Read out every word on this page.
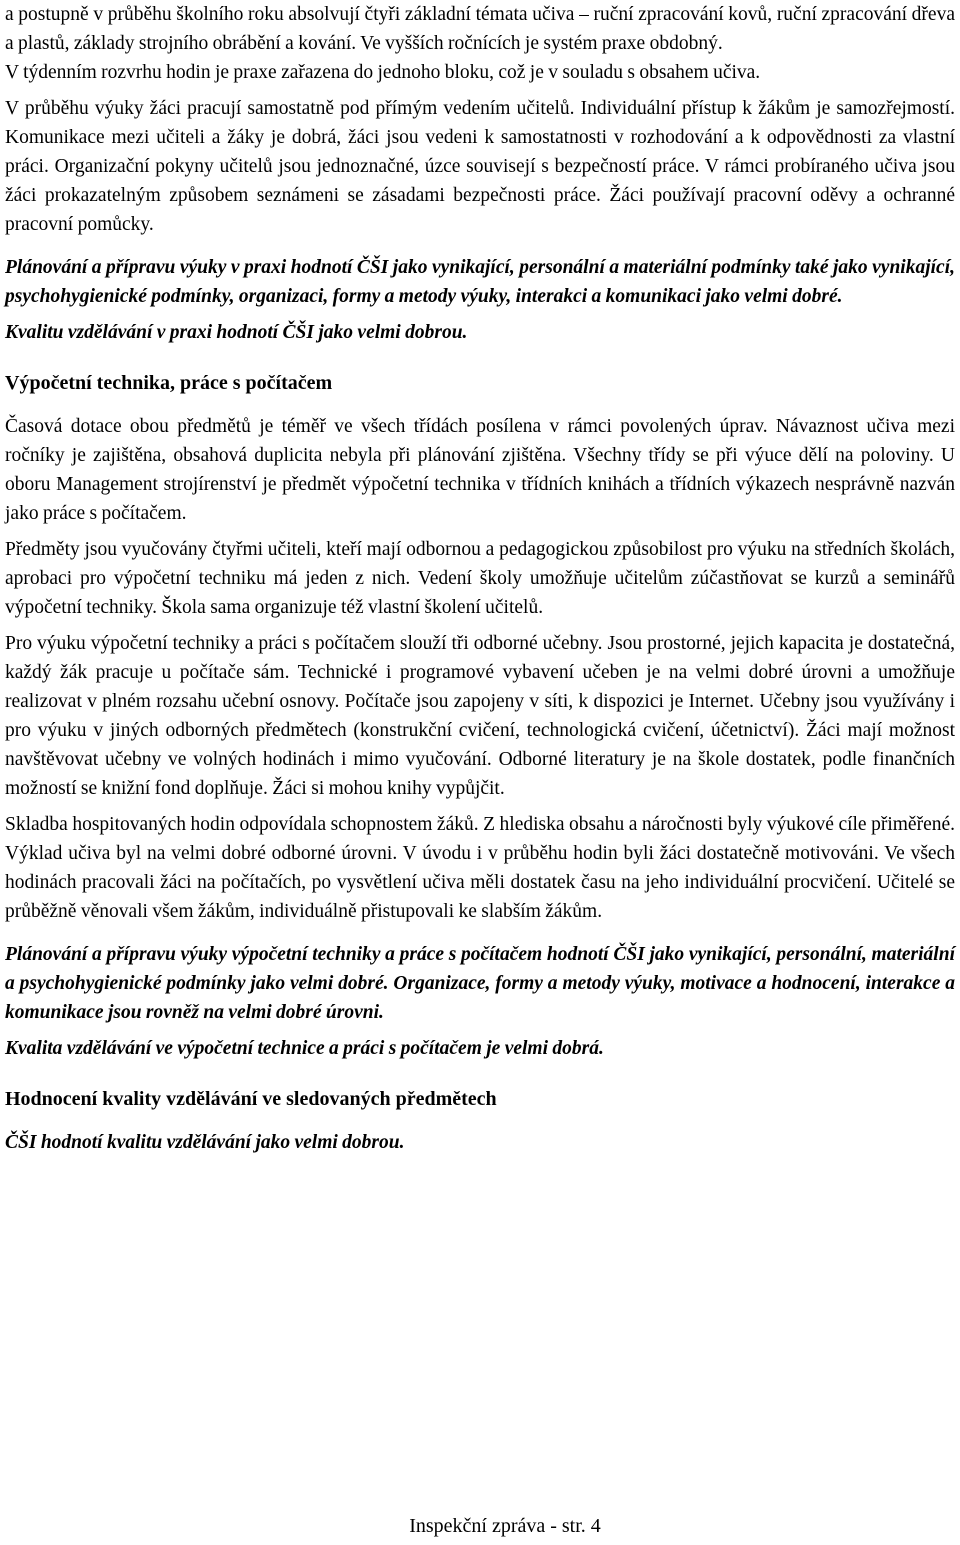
a postupně v průběhu školního roku absolvují čtyři základní témata učiva – ruční zpracování kovů, ruční zpracování dřeva a plastů, základy strojního obrábění a kování. Ve vyšších ročnících je systém praxe obdobný.

V týdenním rozvrhu hodin je praxe zařazena do jednoho bloku, což je v souladu s obsahem učiva.

V průběhu výuky žáci pracují samostatně pod přímým vedením učitelů. Individuální přístup k žákům je samozřejmostí. Komunikace mezi učiteli a žáky je dobrá, žáci jsou vedeni k samostatnosti v rozhodování a k odpovědnosti za vlastní práci. Organizační pokyny učitelů jsou jednoznačné, úzce souvisejí s bezpečností práce. V rámci probíraného učiva jsou žáci prokazatelným způsobem seznámeni se zásadami bezpečnosti práce. Žáci používají pracovní oděvy a ochranné pracovní pomůcky.

Plánování a přípravu výuky v praxi hodnotí ČŠI jako vynikající, personální a materiální podmínky také jako vynikající, psychohygienické podmínky, organizaci, formy a metody výuky, interakci a komunikaci jako velmi dobré.

Kvalitu vzdělávání v praxi hodnotí ČŠI jako velmi dobrou.

Výpočetní technika, práce s počítačem

Časová dotace obou předmětů je téměř ve všech třídách posílena v rámci povolených úprav. Návaznost učiva mezi ročníky je zajištěna, obsahová duplicita nebyla při plánování zjištěna. Všechny třídy se při výuce dělí na poloviny. U oboru Management strojírenství je předmět výpočetní technika v třídních knihách a třídních výkazech nesprávně nazván jako práce s počítačem.

Předměty jsou vyučovány čtyřmi učiteli, kteří mají odbornou a pedagogickou způsobilost pro výuku na středních školách, aprobaci pro výpočetní techniku má jeden z nich. Vedení školy umožňuje učitelům zúčastňovat se kurzů a seminářů výpočetní techniky. Škola sama organizuje též vlastní školení učitelů.

Pro výuku výpočetní techniky a práci s počítačem slouží tři odborné učebny. Jsou prostorné, jejich kapacita je dostatečná, každý žák pracuje u počítače sám. Technické i programové vybavení učeben je na velmi dobré úrovni a umožňuje realizovat v plném rozsahu učební osnovy. Počítače jsou zapojeny v síti, k dispozici je Internet. Učebny jsou využívány i pro výuku v jiných odborných předmětech (konstrukční cvičení, technologická cvičení, účetnictví). Žáci mají možnost navštěvovat učebny ve volných hodinách i mimo vyučování. Odborné literatury je na škole dostatek, podle finančních možností se knižní fond doplňuje. Žáci si mohou knihy vypůjčit.

Skladba hospitovaných hodin odpovídala schopnostem žáků. Z hlediska obsahu a náročnosti byly výukové cíle přiměřené. Výklad učiva byl na velmi dobré odborné úrovni. V úvodu i v průběhu hodin byli žáci dostatečně motivováni. Ve všech hodinách pracovali žáci na počítačích, po vysvětlení učiva měli dostatek času na jeho individuální procvičení. Učitelé se průběžně věnovali všem žákům, individuálně přistupovali ke slabším žákům.

Plánování a přípravu výuky výpočetní techniky a práce s počítačem hodnotí ČŠI jako vynikající, personální, materiální a psychohygienické podmínky jako velmi dobré. Organizace, formy a metody výuky, motivace a hodnocení, interakce a komunikace jsou rovněž na velmi dobré úrovni.

Kvalita vzdělávání ve výpočetní technice a práci s počítačem je velmi dobrá.

Hodnocení kvality vzdělávání ve sledovaných předmětech

ČŠI hodnotí kvalitu vzdělávání jako velmi dobrou.

Inspekční zpráva - str. 4
